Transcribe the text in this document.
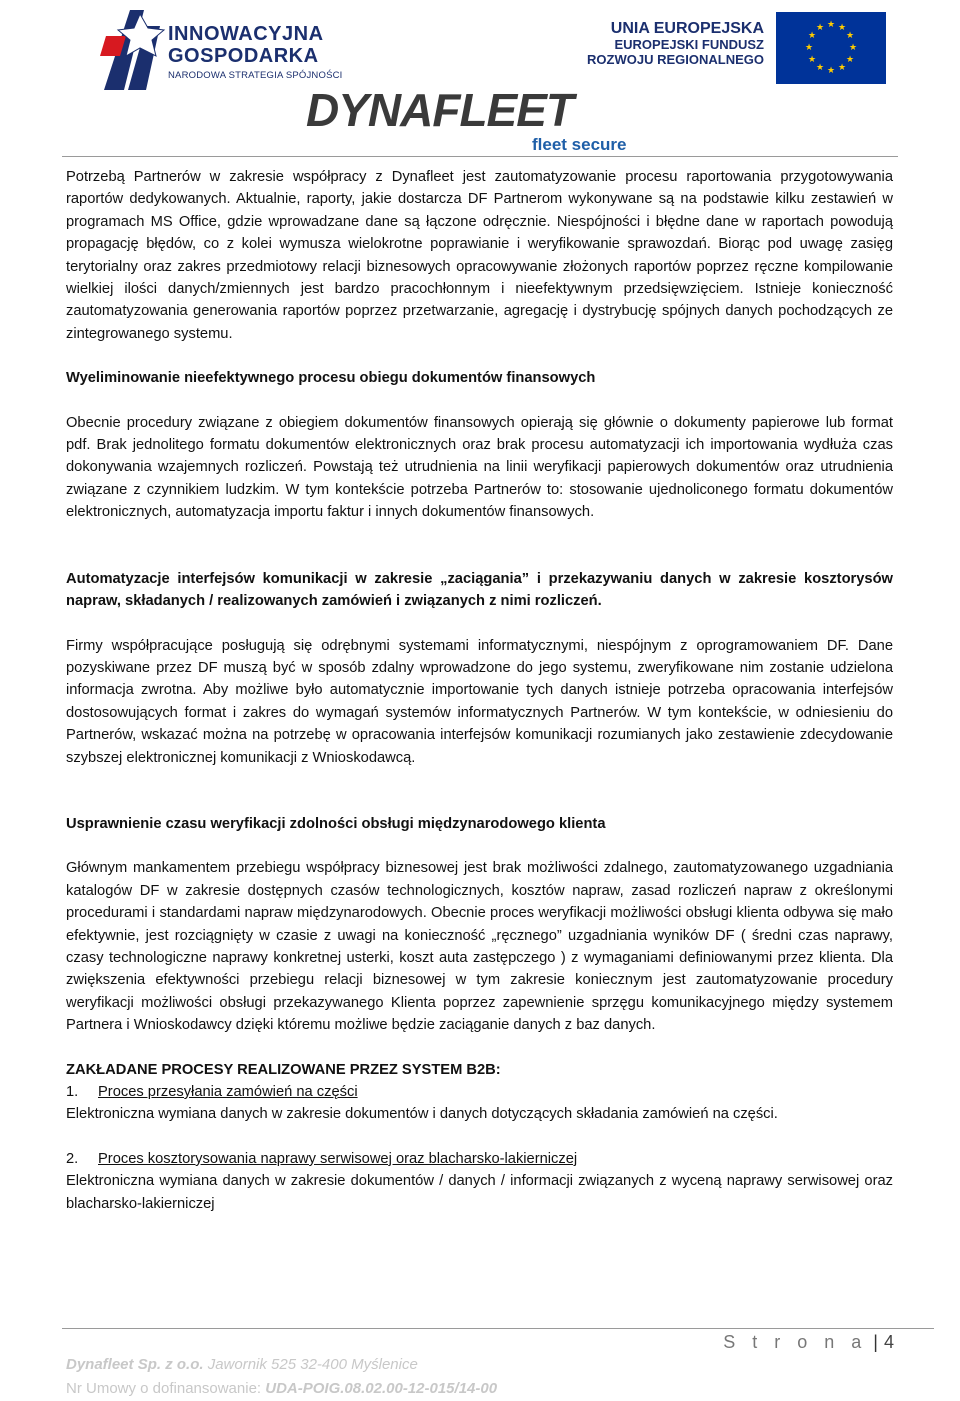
INNOWACYJNA
GOSPODARKA
NARODOWA STRATEGIA SPÓJNOŚCI
UNIA EUROPEJSKA
EUROPEJSKI FUNDUSZ
ROZWOJU REGIONALNEGO
★ ★
★
★
★
★
★
★
★
★
★
★
DYNAFLEET
fleet secure

Potrzebą Partnerów w zakresie współpracy z Dynafleet jest zautomatyzowanie procesu raportowania przygotowywania raportów dedykowanych. Aktualnie, raporty, jakie dostarcza DF Partnerom wykonywane są na podstawie kilku zestawień w programach MS Office, gdzie wprowadzane dane są łączone odręcznie. Niespójności i błędne dane w raportach powodują propagację błędów, co z kolei wymusza wielokrotne poprawianie i weryfikowanie sprawozdań. Biorąc pod uwagę zasięg terytorialny oraz zakres przedmiotowy relacji biznesowych opracowywanie złożonych raportów poprzez ręczne kompilowanie wielkiej ilości danych/zmiennych jest bardzo pracochłonnym i nieefektywnym przedsięwzięciem. Istnieje konieczność zautomatyzowania generowania raportów poprzez przetwarzanie, agregację i dystrybucję spójnych danych pochodzących ze zintegrowanego systemu.

Wyeliminowanie nieefektywnego procesu obiegu dokumentów finansowych

Obecnie procedury związane z obiegiem dokumentów finansowych opierają się głównie o dokumenty papierowe lub format pdf. Brak jednolitego formatu dokumentów elektronicznych oraz brak procesu automatyzacji ich importowania wydłuża czas dokonywania wzajemnych rozliczeń. Powstają też utrudnienia na linii weryfikacji papierowych dokumentów oraz utrudnienia związane z czynnikiem ludzkim. W tym kontekście potrzeba Partnerów to: stosowanie ujednoliconego formatu dokumentów elektronicznych, automatyzacja importu faktur i innych dokumentów finansowych.

Automatyzacje interfejsów komunikacji w zakresie „zaciągania” i przekazywaniu danych w zakresie kosztorysów napraw, składanych / realizowanych zamówień i związanych z nimi rozliczeń.

Firmy współpracujące posługują się odrębnymi systemami informatycznymi, niespójnym z oprogramowaniem DF. Dane pozyskiwane przez DF muszą być w sposób zdalny wprowadzone do jego systemu, zweryfikowane nim zostanie udzielona informacja zwrotna. Aby możliwe było automatycznie importowanie tych danych istnieje potrzeba opracowania interfejsów dostosowujących format i zakres do wymagań systemów informatycznych Partnerów. W tym kontekście, w odniesieniu do Partnerów, wskazać można na potrzebę w opracowania interfejsów komunikacji rozumianych jako zestawienie zdecydowanie szybszej elektronicznej komunikacji z Wnioskodawcą.

Usprawnienie czasu weryfikacji zdolności obsługi międzynarodowego klienta

Głównym mankamentem przebiegu współpracy biznesowej jest brak możliwości zdalnego, zautomatyzowanego uzgadniania katalogów DF w zakresie dostępnych czasów technologicznych, kosztów napraw, zasad rozliczeń napraw z określonymi procedurami i standardami napraw międzynarodowych. Obecnie proces weryfikacji możliwości obsługi klienta odbywa się mało efektywnie, jest rozciągnięty w czasie z uwagi na konieczność „ręcznego” uzgadniania wyników DF ( średni czas naprawy, czasy technologiczne naprawy konkretnej usterki, koszt auta zastępczego ) z wymaganiami definiowanymi przez klienta. Dla zwiększenia efektywności przebiegu relacji biznesowej w tym zakresie koniecznym jest zautomatyzowanie procedury weryfikacji możliwości obsługi przekazywanego Klienta poprzez zapewnienie sprzęgu komunikacyjnego między systemem Partnera i Wnioskodawcy dzięki któremu możliwe będzie zaciąganie danych z baz danych.

ZAKŁADANE PROCESY REALIZOWANE PRZEZ SYSTEM B2B:

1. Proces przesyłania zamówień na części

Elektroniczna wymiana danych w zakresie dokumentów i danych dotyczących składania zamówień na części.

2. Proces kosztorysowania naprawy serwisowej oraz blacharsko-lakierniczej

Elektroniczna wymiana danych w zakresie dokumentów / danych / informacji związanych z wyceną naprawy serwisowej oraz blacharsko-lakierniczej

S t r o n a | 4
Dynafleet Sp. z o.o. Jawornik 525 32-400 Myślenice
Nr Umowy o dofinansowanie: UDA-POIG.08.02.00-12-015/14-00
